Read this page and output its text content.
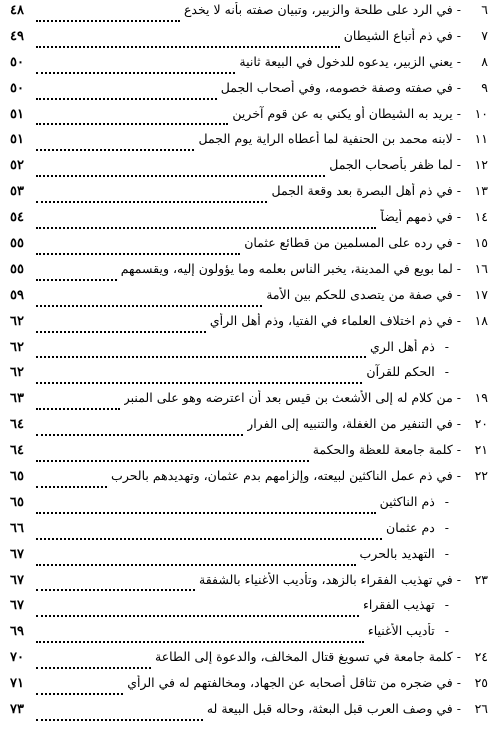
٦
-
في الرد على طلحة والزبير، وتبيان صفته بأنه لا يخدع
٤٨
٧
-
في ذم أتباع الشيطان
٤٩
٨
-
يعني الزبير، يدعوه للدخول في البيعة ثانية
٥٠
٩
-
في صفته وصفة خصومه، وفي أصحاب الجمل
٥٠
١٠
-
يريد به الشيطان أو يكني به عن قوم آخرين
٥١
١١
-
لابنه محمد بن الحنفية لما أعطاه الراية يوم الجمل
٥١
١٢
-
لما ظفر بأصحاب الجمل
٥٢
١٣
-
في ذم أهل البصرة بعد وقعة الجمل
٥٣
١٤
-
في ذمهم أيضاً
٥٤
١٥
-
في رده على المسلمين من قطائع عثمان
٥٥
١٦
-
لما بويع في المدينة، يخبر الناس بعلمه وما يؤولون إليه، ويقسمهم
٥٥
١٧
-
في صفة من يتصدى للحكم بين الأمة
٥٩
١٨
-
في ذم اختلاف العلماء في الفتيا، وذم أهل الرأي
٦٢
-
ذم أهل الري
٦٢
-
الحكم للقرآن
٦٢
١٩
-
من كلام له إلى الأشعث بن قيس بعد أن اعترضه وهو على المنبر
٦٣
٢٠
-
في التنفير من الغفلة، والتنبيه إلى الفرار
٦٤
٢١
-
كلمة جامعة للعظة والحكمة
٦٤
٢٢
-
في ذم عمل الناكثين لبيعته، وإلزامهم بدم عثمان، وتهديدهم بالحرب
٦٥
-
ذم الناكثين
٦٥
-
دم عثمان
٦٦
-
التهديد بالحرب
٦٧
٢٣
-
في تهذيب الفقراء بالزهد، وتأديب الأغنياء بالشفقة
٦٧
-
تهذيب الفقراء
٦٧
-
تأديب الأغنياء
٦٩
٢٤
-
كلمة جامعة في تسويغ قتال المخالف، والدعوة إلى الطاعة
٧٠
٢٥
-
في ضجره من تثاقل أصحابه عن الجهاد، ومخالفتهم له في الرأي
٧١
٢٦
-
في وصف العرب قبل البعثة، وحاله قبل البيعة له
٧٣
